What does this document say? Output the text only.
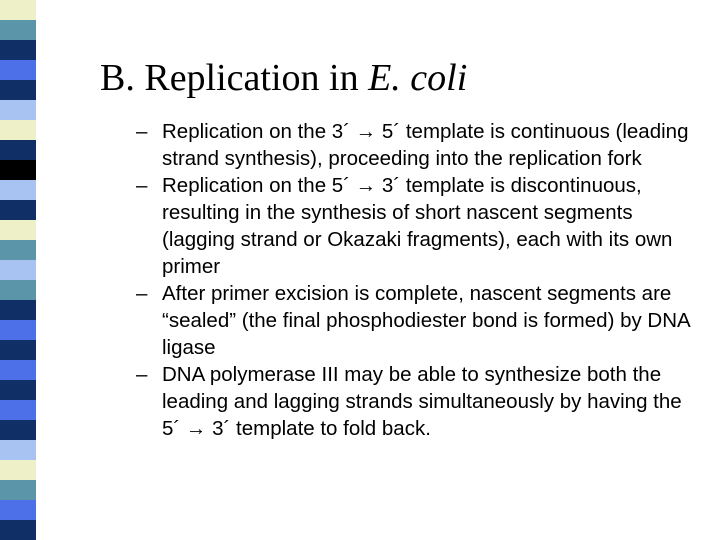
B. Replication in E. coli
– Replication on the 3´ → 5´ template is continuous (leading strand synthesis), proceeding into the replication fork
– Replication on the 5´ → 3´ template is discontinuous, resulting in the synthesis of short nascent segments (lagging strand or Okazaki fragments), each with its own primer
– After primer excision is complete, nascent segments are “sealed” (the final phosphodiester bond is formed) by DNA ligase
– DNA polymerase III may be able to synthesize both the leading and lagging strands simultaneously by having the 5´ → 3´ template to fold back.
